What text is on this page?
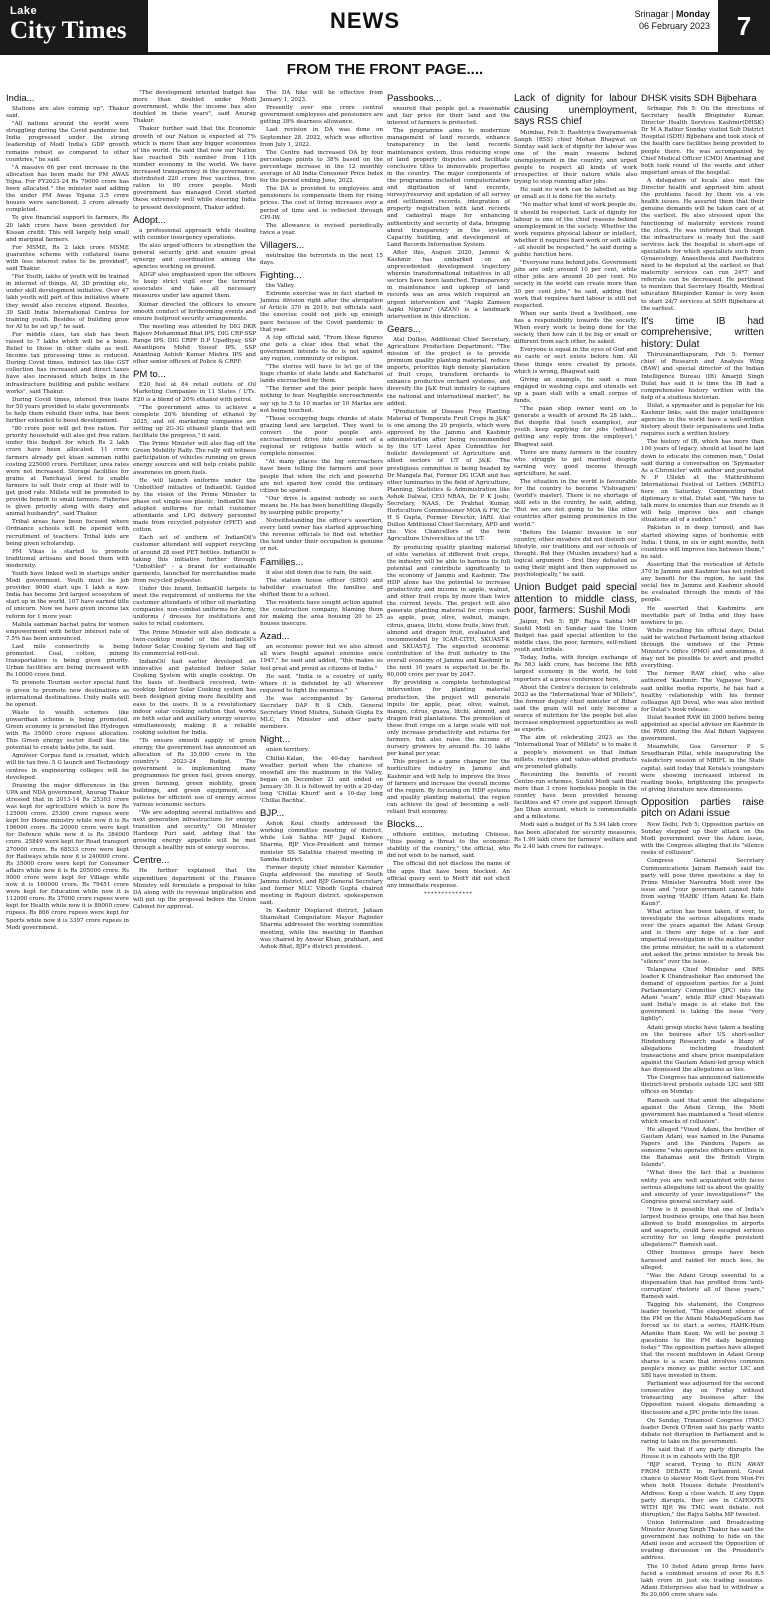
Lake
City Times	NEWS	Srinagar | Monday
06 February 2023	7
FROM THE FRONT PAGE....
India...

Stations are also coming up", Thakur said.

"All nations around the world were struggling during the Covid pandemic but India progressed under the strong leadership of Modi India's GDP growth remains robust as compared to other countries," he said.

"A massive 66 per cent increase in the allocation has been made for PM AWAS Yojna. For FY2023-24 Rs 79000 crore has been allocated." the minister said adding the under PM Awas Yojana 3.5 crore houses were sanctioned, 3 crore already completed.

To give financial support to farmers, Rs 20 lakh crore have been provided for Kissan credit. This will largely help small and marginal farmers.

For MSME, Rs 2 lakh crore MSME guarantee scheme with collateral loans with less interest rates to be provided", said Thakur.

"For Youth, lakhs of youth will be trained in internet of things, AI, 3D printing etc, under skill development initiative. Over 47 lakh youth will part of this initiative where they would also receive stipend. Besides, 30 Skill India International Centres for training youth. Besides of building grow for AI to be set up," he said.

For middle class, tax slab has been raised to 7 lakhs which will be a boon. Relief to those in other slabs as well. Income tax processing time is reduced. During Covid times, indirect tax like GST collection has increased and direct taxes have also increased which helps in the infrastructure building and public welfare works", said Thakur.

During Covid times, interest free loans for 50 years provided to state governments to help them rebuild their infra, has been further extended to boost development.

"80 crore poor will get free ration. For priority household will also get free ration under this budget for which Rs 2 lakh crore have been allocated. 11 crore farmers already get kisan samman nidhi costing 225000 crore. Fertilizer, urea rates were not increased. Storage facilities for grains at Panchayat level to enable farmers to sell their crop at their will to get good rate. Millets will be promoted to provide benefit to small farmers. Fisheries is given priority along with dairy and animal husbandry", said Thakur.

Tribal areas have been focused where Ordnance schools will be opened with recruitment of teachers. Tribal kids are being given scholarship.

PM Vikas is started to promote traditional artisans and boost them with modernity.

Youth have linked well in startups under Modi government. Youth must be job provider. 9000 start ups 1 lakh a now. India has become 3rd largest ecosystem of start up in the world. 107 have earned title of unicorn. Now we have given income tax reform for 1 more year.

Mahila samman bachat patra for women empowerment with better interest rate of 7.5% has been announced.

Last mile connectivity is being promoted. Coal, cotton, mining transportation is being given priority. Urban facilities are being increased with Rs 10000 crore fund.

To promote Tourism sector special fund is given to promote new destinations as international destinations. Unity malls will be opened.

Waste to wealth schemes like gowardhan scheme is being promoted. Green economy is promoted like Hydrogen with Rs 35000 crore rupees allocation. This Green energy sector itself has the potential to create lakhs jobs, he said.

Agniveer Corpus fund is created, which will be tax free. 5 G launch and Technology centres in engineering colleges will be developed.

Drawing the major differences in the UPA and NDA government, Anurag Thakur stressed that in 2013-14 Rs 25303 crore was kept for agriculture which is now Rs 125000 crore. 25300 crore rupees were kept for Home ministry while now it is Rs 196000 crore. Rs 20000 crore were kept for Defence while now it is Rs 384000 crore. 25849 were kept for Road transport 270000 crore. Rs 68533 crore were kept for Railways while now it is 240000 crore. Rs 35000 crore were kept for Consumer affairs while now it is Rs 205000 crore. Rs 9000 crore were kept for Village while now it is 160000 crore. Rs 79451 crore were kept for Education while now it is 112000 crore. Rs 37000 crore rupees were kept for Health while now it is 89000 crore rupees. Rs 866 crore rupees were kept for Sports while now it is 3397 crore rupees in Modi government.

"The development oriented budget has more than doubled under Modi government, while the income has also doubled in these years", said Anurag Thakur.

Thakur further said that the Economic growth of our Nation is expected at 7% which is more than any bigger economies of the world. He said that now our Nation has reached 5th number from 11th number economy in the world. We have increased transparency in the governance, distributed 220 crore free vaccines, free ration to 80 crore people. Modi government has managed Covid started these extremely well while steering India to present development, Thakur added.

Adopt...

a professional approach while dealing with counter insurgency operations.

He also urged officers to strengthen the general security grid and ensure great synergy and coordination among the agencies working on ground.

ADGP also emphasized upon the officers to keep strict vigil over the terrorist associates and take all necessary measures under law against them.

Kumar directed the officers to ensure smooth conduct of forthcoming events and ensure foolproof security arrangements.

The meeting was attended by DIG DKR Rajeev Mohammad Bhat IPS, DIG CRP SSP Range IPS, DIG CRPF D.P Upadhyay, SSP Awantipora Mohd Yousuf IPS, SSP Anantnag Ashish Kumar Mishra IPS and other senior officers of Police & CRPF.

PM to...

E20 fuel at 84 retail outlets of Oil Marketing Companies in 11 States / UTs. E20 is a blend of 20% ethanol with petrol.

"The government aims to achieve a complete 20% blending of ethanol by 2025, and oil marketing companies are setting up 2G-3G ethanol plants that will facilitate the progress," it said.

The Prime Minister will also flag off the Green Mobility Rally. The rally will witness participation of vehicles running on green energy sources and will help create public awareness on green fuels.

He will launch uniforms under the 'Unbottled' initiative of IndianOil. Guided by the vision of the Prime Minister to phase out single-use plastic, IndianOil has adopted uniforms for retail customer attendants and LPG delivery personnel made from recycled polyester (rPET) and cotton.

Each set of uniform of IndianOil's customer attendant will support recycling of around 28 used PET bottles. IndianOil is taking this initiative further through "Unbottled" - a brand for sustainable garments, launched for merchandise made from recycled polyester.

Under this brand, IndianOil targets to meet the requirement of uniforms for the customer attendants of other oil marketing companies, non-combat uniforms for Army, uniforms / dresses for institutions and sales to retail customers.

The Prime Minister will also dedicate a twin-cooktop model of the IndianOil's Indoor Solar Cooking System and flag off its commercial roll-out.

IndianOil had earlier developed an innovative and patented Indoor Solar Cooking System with single cooktop. On the basis of feedback received, twin-cooktop Indoor Solar Cooking system has been designed giving more flexibility and ease to the users. It is a revolutionary indoor solar cooking solution that works on both solar and auxiliary energy sources simultaneously, making it a reliable cooking solution for India.

"To ensure smooth supply of green energy, the government has announced an allocation of Rs 35,000 crore in the country's 2023-24 Budget. The government is implementing many programmes for green fuel, green energy, green farming, green mobility, green buildings, and green equipment, and policies for efficient use of energy across various economic sectors.

"We are adopting several initiatives and next generation infrastructure for energy transition and security," Oil Minister Hardeep Puri said, adding that the growing energy appetite will be met through a healthy mix of energy sources.

Centre...

He further explained that the expenditure department of the Finance Ministry will formulate a proposal to hike DA along with its revenue implication and will put up the proposal before the Union Cabinet for approval.

The DA hike will be effective from January 1, 2023.

Presently over one crore central government employees and pensioners are getting 38% dearness allowance.

Last revision in DA was done on September 28, 2022, which was effective from July 1, 2022.

The Centre had increased DA by four percentage points to 38% based on the percentage increase in the 12 monthly average of All India Consumer Price Index for the period ending June, 2022.

The DA is provided to employees and pensioners to compensate them for rising prices. The cost of living increases over a period of time and is reflected through CPI-IW.

The allowance is revised periodically twice a year.

Villagers...

neutralize the terrorists in the next 15 days.

Fighting...

the Valley.

Extreme exercise was in fact started in Jammu division right after the abrogation of Article 370 in 2019, but officials said, the exercise could not pick up enough pace because of the Covid pandemic in that year.

A top official said, "From these figures one gets a clear idea that what the government intends to do is not against any region, community or religion.

"The stories will have to let go of the huge chunks of state lands and Kahcharai lands encroached by them.

"The former and the poor people have nothing to fear. Negligible encroachments say up to 5 to 10 marlas or 10 Marlas are not being touched.

"Those occupying huge chunks of state grazing land are targeted. They want to convert the poor people anti-encroachment drive into some sort of a regional or religious battle which is complete nonsense.

"At many places the big encroachers have been telling the farmers and poor people that when the rich and powerful are not spared how could the ordinary citizen be spared.

"Our drive is against nobody so such means be. He has been benefitting illegally by usurping public property."

Notwithstanding the officer's assertion, every land owner has started approaching the revenue officials to find out whether the land under their occupation is genuine or not.

Families...

it also slid down due to rain, the said.

The station house officer (SHO) and tahsildar evacuated the families and shifted them to a school.

The residents have sought action against the construction company, blaming them for making the area housing 20 to 25 houses insecure.

Azad...

an economic power but we also almost all wars fought against enemies since 1947," he said and added, "this makes us feel great and proud as citizens of India."

He said, "India is a country of unity where it is defended by all wherever required to fight the enemies."

He was accompanied by General Secretary DAP R S Chib, General Secretary Vinod Mishra, Subash Gupta Ex MLC, Ex Minister and other party members.

Night...

union territory.

Chillai-Kalan, the 40-day harshest weather period when the chances of snowfall are the maximum in the Valley, began on December 21 and ended on January 30. It is followed by with a 20-day long 'Chillai Khurd' and a 10-day long 'Chillai Bachha'.

BJP...

Ashok Koul chiefly addressed the working committee meeting of district, while Lok Sabha MP Jugal Kishore Sharma, BJP Vice-President and former minister SS Salathia chaired meeting in Samba district.

Former deputy chief minister Kavinder Gupta addressed the meeting of South Jammu district, and BJP General Secretary and former MLC Vibodh Gupta chaired meeting in Rajouri district, spokesperson said.

In Kashmir Displaced district, Jahaan Shamshad Computation Mayor Rajinder Sharma addressed the working committee meeting, while the meeting in Ramban was chaired by Anwar Khan, prabhari, and Ashok Bhat, BJP's district president.

Passbooks...

ensured that people get a reasonable and fair price for their land and the interest of farmers is protected.

The programme aims to modernize management of land records, enhance transparency in the land records maintenance system, thus reducing scope of land property disputes and facilitate conclusive titles to immovable properties in the country. The major components of the programme included computerization and digitization of land records, survey/resurvey and updation of all survey and settlement records, integration of property registration with land records and cadastral maps for enhancing authenticity and security of data, bringing about transparency in the system. Capacity building, and development of Land Records Information System.

After this, August 2020, Jammu & Kashmir has embarked on an unprecedented development trajectory wherein transformational initiatives in all sectors have been launched. Transparency in maintenance and upkeep of land records was an area which required an urgent intervention and "Aapki Zameen Aapki Nigrani" (AZAN) is a landmark intervention in this direction.

Gears...

Atal Dulloo, Additional Chief Secretary, Agriculture Production Department: "The mission of the project is to provide premium quality planting material, reduce imports, prioritize high density plantation of fruit crops, transform orchards to enhance productive orchard systems, and diversify the J&K fruit industry to capture the national and international market", he added.

"Production of Disease Free Planting Material of Temperate Fruit Crops in J&K" is one among the 29 projects, which were approved by the Jammu and Kashmir administration after being recommended by the UT Level Apex Committee for holistic development of Agriculture and allied sectors of UT of J&K. The prestigious committee is being headed by Dr Mangala Rai, Former DG ICAR and has other luminaries in the field of Agriculture, Planning, Statistics & Administration like Ashok Dalwai, CEO NRAA, Dr. P K Joshi, Secretary, NAAS, Dr. Prabhat Kumar, Horticulture Commissioner MOA & FW, Dr. H S Gupta, Former Director, IARI. Atal Dulloo Additional Chief Secretary, APD and the Vice Chancellors of the twin Agriculture Universities of the UT.

By producing quality planting material of elite varieties of different fruit crops, the industry will be able to harness its full potential and contribute significantly to the economy of Jammu and Kashmir. The HDP alone has the potential to increase productivity and income in apple, walnut, and other fruit crops by more than twice the current levels. The project will also generate planting material for crops such as apple, pear, olive, walnut, mango, citrus, guava, litchi, stone fruits, kiwi fruit, almond and dragon fruit, evaluated and recommended by ICAR-CITH, SKUAST-K and SKUAST-J. The expected economic contribution of the fruit industry to the overall economy of Jammu and Kashmir in the next 10 years is expected to be Rs. 60,000 crore per year by 2047.

By providing a complete technological intervention for planting material production, the project will generate inputs for apple, pear, olive, walnut, mango, citrus, guava, litchi, almond, and dragon fruit plantations. The promotion of these fruit crops on a large scale will not only increase productivity and returns for farmers, but also raise the income of nursery growers by around Rs. 10 lakhs per kanal per year.

This project is a game changer for the horticulture industry in Jammu and Kashmir and will help to improve the lives of farmers and increase the overall income of the region. By focusing on HDP systems and quality planting material, the region can achieve its goal of becoming a self-reliant fruit economy.

Blocks...

offshore entities, including Chinese, "thus posing a threat to the economic stability of the country," the official, who did not wish to be named, said.

The official did not disclose the name of the apps that have been blocked. An official query sent to MeitY did not elicit any immediate response.

**************
Lack of dignity for labour causing unemployment, says RSS chief

Mumbai, Feb 5: Rashtriya Swayamsevak Sangh (RSS) chief Mohan Bhagwat on Sunday said lack of dignity for labour was one of the main reasons behind unemployment in the country, and urged people to respect all kinds of work irrespective of their nature while also trying to stop running after jobs.

He said no work can be labelled as big or small as it is done for the society.

"No matter what kind of work people do, it should be respected. Lack of dignity for labour is one of the chief reasons behind unemployment in the society. Whether the work requires physical labour or intellect, whether it requires hard work or soft skills - all should be respected," he said during a public function here.

"Everyone runs behind jobs. Government jobs are only around 10 per cent, while other jobs are around 20 per cent. No society in the world can create more than 30 per cent jobs," he said, adding that work that requires hard labour is still not respected.

When our sants lived a livelihood, one has a responsibility towards the society. When every work is being done for the society, then how can it be big or small or different from each other, he asked.

Everyone is equal in the eyes of God and no caste or sect exists before him. All these things were created by priests, which is wrong, Bhagwat said.

Giving an example, he said a man engaged in washing cups and utensils set up a paan stall with a small corpus of funds.

"The paan shop owner went on to generate a wealth of around Rs 28 lakh... But despite that (such examples), our youth keep applying for jobs (without getting any reply from the employer)," Bhagwat said.

There are many farmers in the country who struggle to get married despite earning very good income through agriculture, he said.

The situation in the world is favourable for the country to become 'Vishvaguru' (world's master). There is no shortage of skill sets in the country, he said, adding, "But we are not going to be like other countries after gaining prominence in the world."

"Before the Islamic invasion in our country, other invaders did not disturb our lifestyle, our traditions and our schools of thought. But they (Muslim invaders) had a logical argument - first they defeated us using their might and then suppressed us psychologically," he said.

Union Budget paid special attention to middle class, poor, farmers: Sushil Modi

Jaipur, Feb 5: BJP Rajya Sabha MP Sushil Modi on Sunday said the Union Budget has paid special attention to the middle class, the poor, farmers, self-reliant youth and tribals.

Today, India, with foreign exchange of Rs 563 lakh crore, has become the fifth largest economy in the world, he told reporters at a press conference here.

About the Centre's decision to celebrate 2023 as the "International Year of Millets", the former deputy chief minister of Bihar said the grain will not only become a source of nutrition for the people but also increase employment opportunities as well as exports.

The aim of celebrating 2023 as the "International Year of Millets" is to make it a people's movement so that Indian millets, recipes and value-added products are promoted globally.

Recounting the benefits of recent Centre-run schemes, Sushil Modi said that more than 3 crore homeless people in the country have been provided housing facilities and 47 crore got support through Jan Dhan account, which is commendable and a milestone.

Modi said a budget of Rs 5.94 lakh crore has been allocated for security measures, Rs 1.99 lakh crore for farmers' welfare and Rs 2.40 lakh crore for railways.

DHSK visits SDH Bijbehara

Srinagar, Feb 5: On the directions of Secretary health Bhupinder Kumar, Director Health Services Kashmir(DHSK) Dr M A Rather Sunday visited Sub District Hospital (SDH) Bijbehara and took stock of the health care facilities being provided to people there. He was accompanied by Chief Medical Officer (CMO) Anantnag and both took round of the wards and other important areas of the hospital.

A delegation of locals also met the Director health and apprised him about the problems faced by them vis a vis health issues. He assured them that their genuine demands will be taken care of at the earliest. He also stressed upon the functioning of maternity services round the clock. He was informed that though the infrastructure is ready but the said services lack the hospital is short-age of specialists for which specialists such from Gynaecology, Anaesthesia and Paediatrics need to be deputed at the earliest so that maternity services can run 24*7 and referrals can be decreased. He pertinent to mention that Secretary Health, Medical education Bhupinder Kumar is very keen to start 24/7 services at SDH Bijbehara at the earliest.

It's time IB had comprehensive, written history: Dulat

Thiruvananthapuram, Feb 5: Former chief of Research and Analysis Wing (RAW) and special director of the Indian Intelligence Bureau (IB) Amarjit Singh Dulat has said it is time the IB had a comprehensive history written with the help of a studious historian.

Dulat, a spymaster and is popular for his Kashmir links, said the major intelligence agencies in the world have a well-written history about their organisations and India requires such a written history.

The history of IB, which has more than 100 years of legacy, should at least be laid down to educate the common man," Dulat said during a conversation on 'Spymaster As a Chronicler' with author and journalist N P Ullekh at the Mathrubhumi International Festival of Letters (MBIFL) here on Saturday. Commenting that diplomacy is vital, Dulat said, "We have to talk more to enemies than our friends as it will help improve ties and change situations all of a sudden."

Pakistan is in deep turmoil, and has started showing signs of bonhomie with India. I think, in six or eight months, both countries will improve ties between them," he said.

Asserting that the revocation of Article 370 in Jammu and Kashmir has not yielded any benefit for the region, he said the social ties in Jammu and Kashmir should be evaluated through the minds of the people.

He asserted that Kashmiris are inevitable part of India and they have nowhere to go.

While recalling his official days, Dulat said he watched Parliament being attacked through the windows of the Prime Minister's Office (PMO) and sometimes, it may not be possible to avert and predict everything.

The former RAW chief, who also authored 'Kashmir: The Vajpayee Years', said unlike media reports, he has had a healthy relationship with his former colleague Ajit Doval, who was also invited for Dulat's book release.

Dulat headed RAW till 2000 before being appointed as special advisor on Kashmir in the PMO during the Atal Bihari Vajpayee government.

Meanwhile, Goa Governor P S Sreedharan Pillai, while inaugurating the valedictory session of MBIFL in the State capital, said today that Kerala's youngsters were showing increased interest in reading books, brightening the prospects of giving literature new dimensions.

Opposition parties raise pitch on Adani issue

New Delhi, Feb 5: Opposition parties on Sunday stepped up their attack on the Modi government over the Adani issue, with the Congress alleging that its "silence reeks of collusion".

Congress General Secretary Communications Jairam Ramesh said his party will pose three questions a day to Prime Minister Narendra Modi over the issue and "your government cannot hide from saying 'HAHK' (Hum Adani Ke Hain Kaun)".

What action has been taken, if ever, to investigate the serious allegations made over the years against the Adani Group and is there any hope of a fair and impartial investigation in the matter under the prime minister, he said in a statement and asked the prime minister to break his "silence" over the issue.

Telangana Chief Minister and BRS leader K Chandrashekar Rao endorsed the demand of opposition parties for a Joint Parliamentary Committee (JPC) into the Adani "scam", while BSP chief Mayawati said India's image is at stake but the government is taking the issue "very lightly".

Adani group stocks have taken a beating on the bourses after US short-seller Hindenburg Research made a litany of allegations including fraudulent transactions and share price manipulation against the Gautam Adani-led group which has dismissed the allegations as lies.

The Congress has announced nationwide district-level protests outside LIC and SBI offices on Monday.

Ramesh said that amid the allegations against the Adani Group, the Modi government has maintained a "loud silence which smacks of collusion".

He alleged "Vinod Adani, the brother of Gautam Adani, was named in the Panama Papers and the Pandora Papers as someone "who operates offshore entities in the Bahamas and the British Virgin Islands".

"What does the fact that a business entity you are well acquainted with faces serious allegations tell us about the quality and sincerity of your investigations?" the Congress general secretary said.

"How is it possible that one of India's largest business groups, one that has been allowed to build monopolies in airports and seaports, could have escaped serious scrutiny for so long despite persistent allegations?" Ramesh said.

Other business groups have been harassed and raided for much less, he alleged.

"Was the Adani Group essential to a dispensation that has profited from 'anti-corruption' rhetoric all of these years," Ramesh said.

Tagging his statement, the Congress leader tweeted, "The eloquent silence of the PM on the Adani MahaMegaScam has forced us to start a series, HAHK-Hum Adanike Hain Kaun. We will be posing 3 questions to the PM daily beginning today." The opposition parties have alleged that the recent meltdown in Adani Group shares is a scam that involves common people's money as public sector LIC and SBI have invested in them.

Parliament was adjourned for the second consecutive day on Friday without transacting any business after the Opposition raised slogans demanding a discussion and a JPC probe into the issue.

On Sunday, Trinamool Congress (TMC) leader Derek O'Brien said his party wants debate not disruption in Parliament and is raring to take on the government.

He said that if any party disrupts the House it is in cahoots with the BJP.

"BJP scared. Trying to RUN AWAY FROM DEBATE in Parliament. Great chance to skewer Modi Govt from Mon-Fri when both Houses debate President's Address. Keep a close watch. If any Oppn party disrupts, they are in CAHOOTS WITH BJP. We TMC want debate, not disruption," the Rajya Sabha MP tweeted.

Union Information and Broadcasting Minister Anurag Singh Thakur has said the government has nothing to hide on the Adani issue and accused the Opposition of evading discussion on the President's address.

The 10 listed Adani group firms have faced a combined erosion of over Rs 8.5 lakh crore in just six trading sessions. Adani Enterprises also had to withdraw a Rs 20,000 crore share sale.
